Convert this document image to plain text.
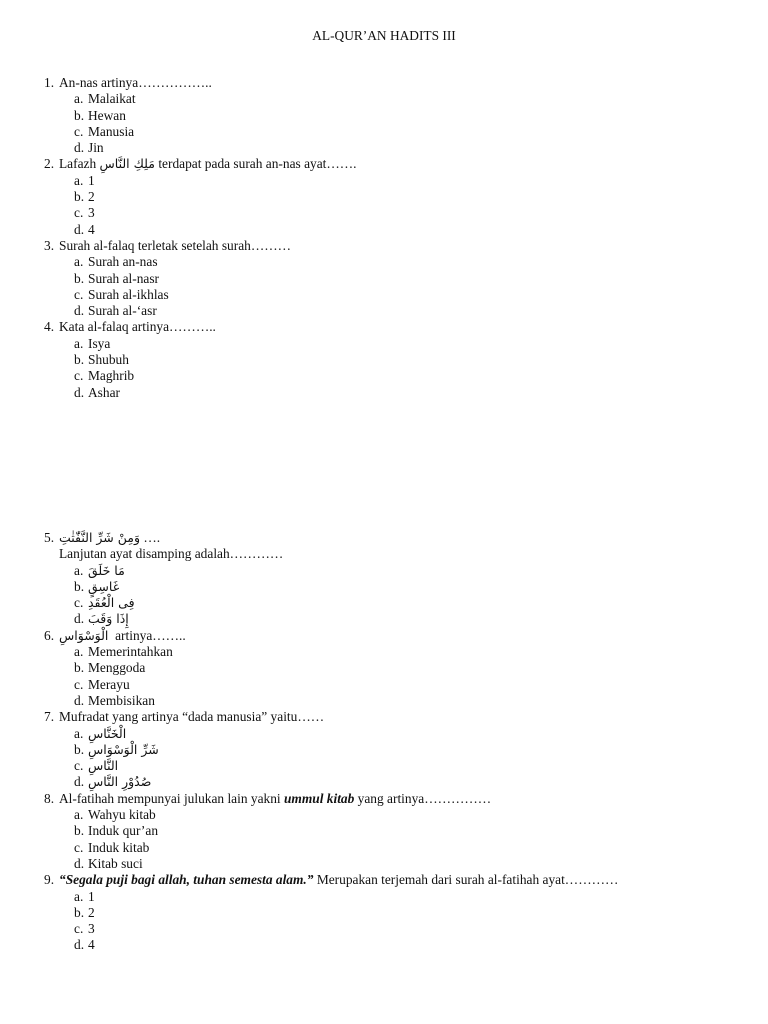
AL-QUR’AN HADITS III
1. An-nas artinya……………..
a. Malaikat
b. Hewan
c. Manusia
d. Jin
2. Lafazh مَلِكِ النَّاسِ terdapat pada surah an-nas ayat…….
a. 1
b. 2
c. 3
d. 4
3. Surah al-falaq terletak setelah surah………
a. Surah an-nas
b. Surah al-nasr
c. Surah al-ikhlas
d. Surah al-‘asr
4. Kata al-falaq artinya………..
a. Isya
b. Shubuh
c. Maghrib
d. Ashar
5. وَمِنْ شَرِّ النَّفّٰثٰتِ ….
Lanjutan ayat disamping adalah…………
a. مَا خَلَقَ
b. غَاسِقٍ
c. فِى الْعُقَدِ
d. إِذَا وَقَبَ
6. الْوَسْوَاسِ  artinya……..
a. Memerintahkan
b. Menggoda
c. Merayu
d. Membisikan
7. Mufradat yang artinya “dada manusia” yaitu……
a. الْخَنَّاسِ
b. شَرِّ الْوَسْوَاسِ
c. النَّاسِ
d. صُدُوْرِ النَّاسِ
8. Al-fatihah mempunyai julukan lain yakni ummul kitab yang artinya……………
a. Wahyu kitab
b. Induk qur’an
c. Induk kitab
d. Kitab suci
9. “Segala puji bagi allah, tuhan semesta alam.” Merupakan terjemah dari surah al-fatihah ayat…………
a. 1
b. 2
c. 3
d. 4
